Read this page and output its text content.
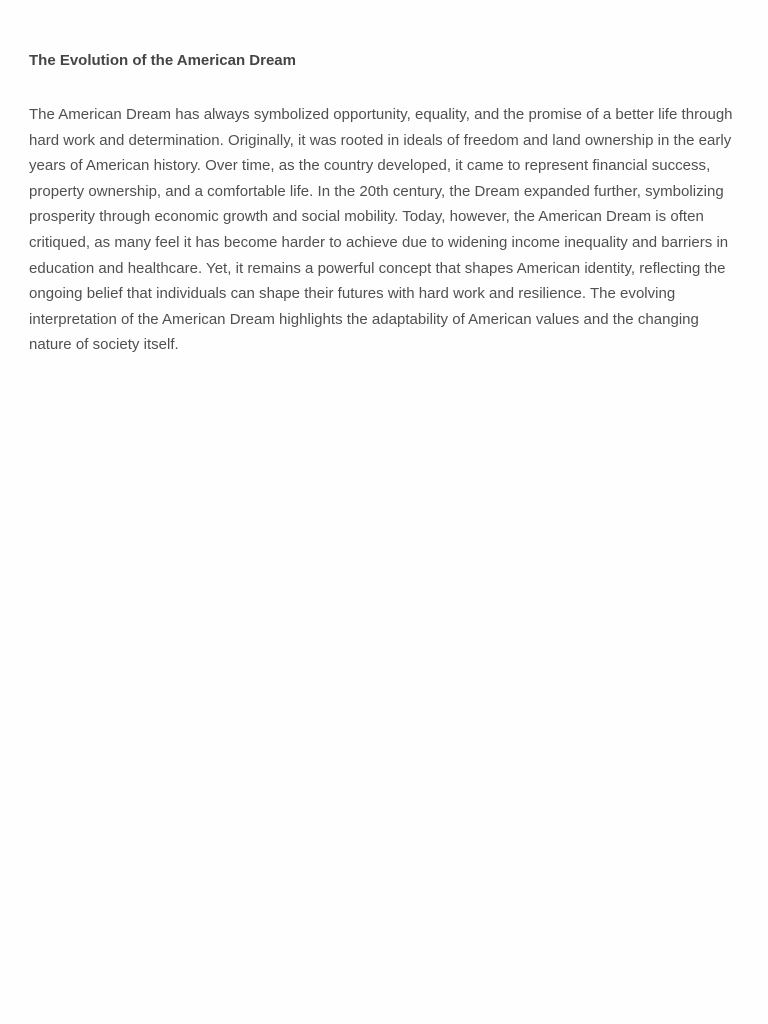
The Evolution of the American Dream

The American Dream has always symbolized opportunity, equality, and the promise of a better life through hard work and determination. Originally, it was rooted in ideals of freedom and land ownership in the early years of American history. Over time, as the country developed, it came to represent financial success, property ownership, and a comfortable life. In the 20th century, the Dream expanded further, symbolizing prosperity through economic growth and social mobility. Today, however, the American Dream is often critiqued, as many feel it has become harder to achieve due to widening income inequality and barriers in education and healthcare. Yet, it remains a powerful concept that shapes American identity, reflecting the ongoing belief that individuals can shape their futures with hard work and resilience. The evolving interpretation of the American Dream highlights the adaptability of American values and the changing nature of society itself.
